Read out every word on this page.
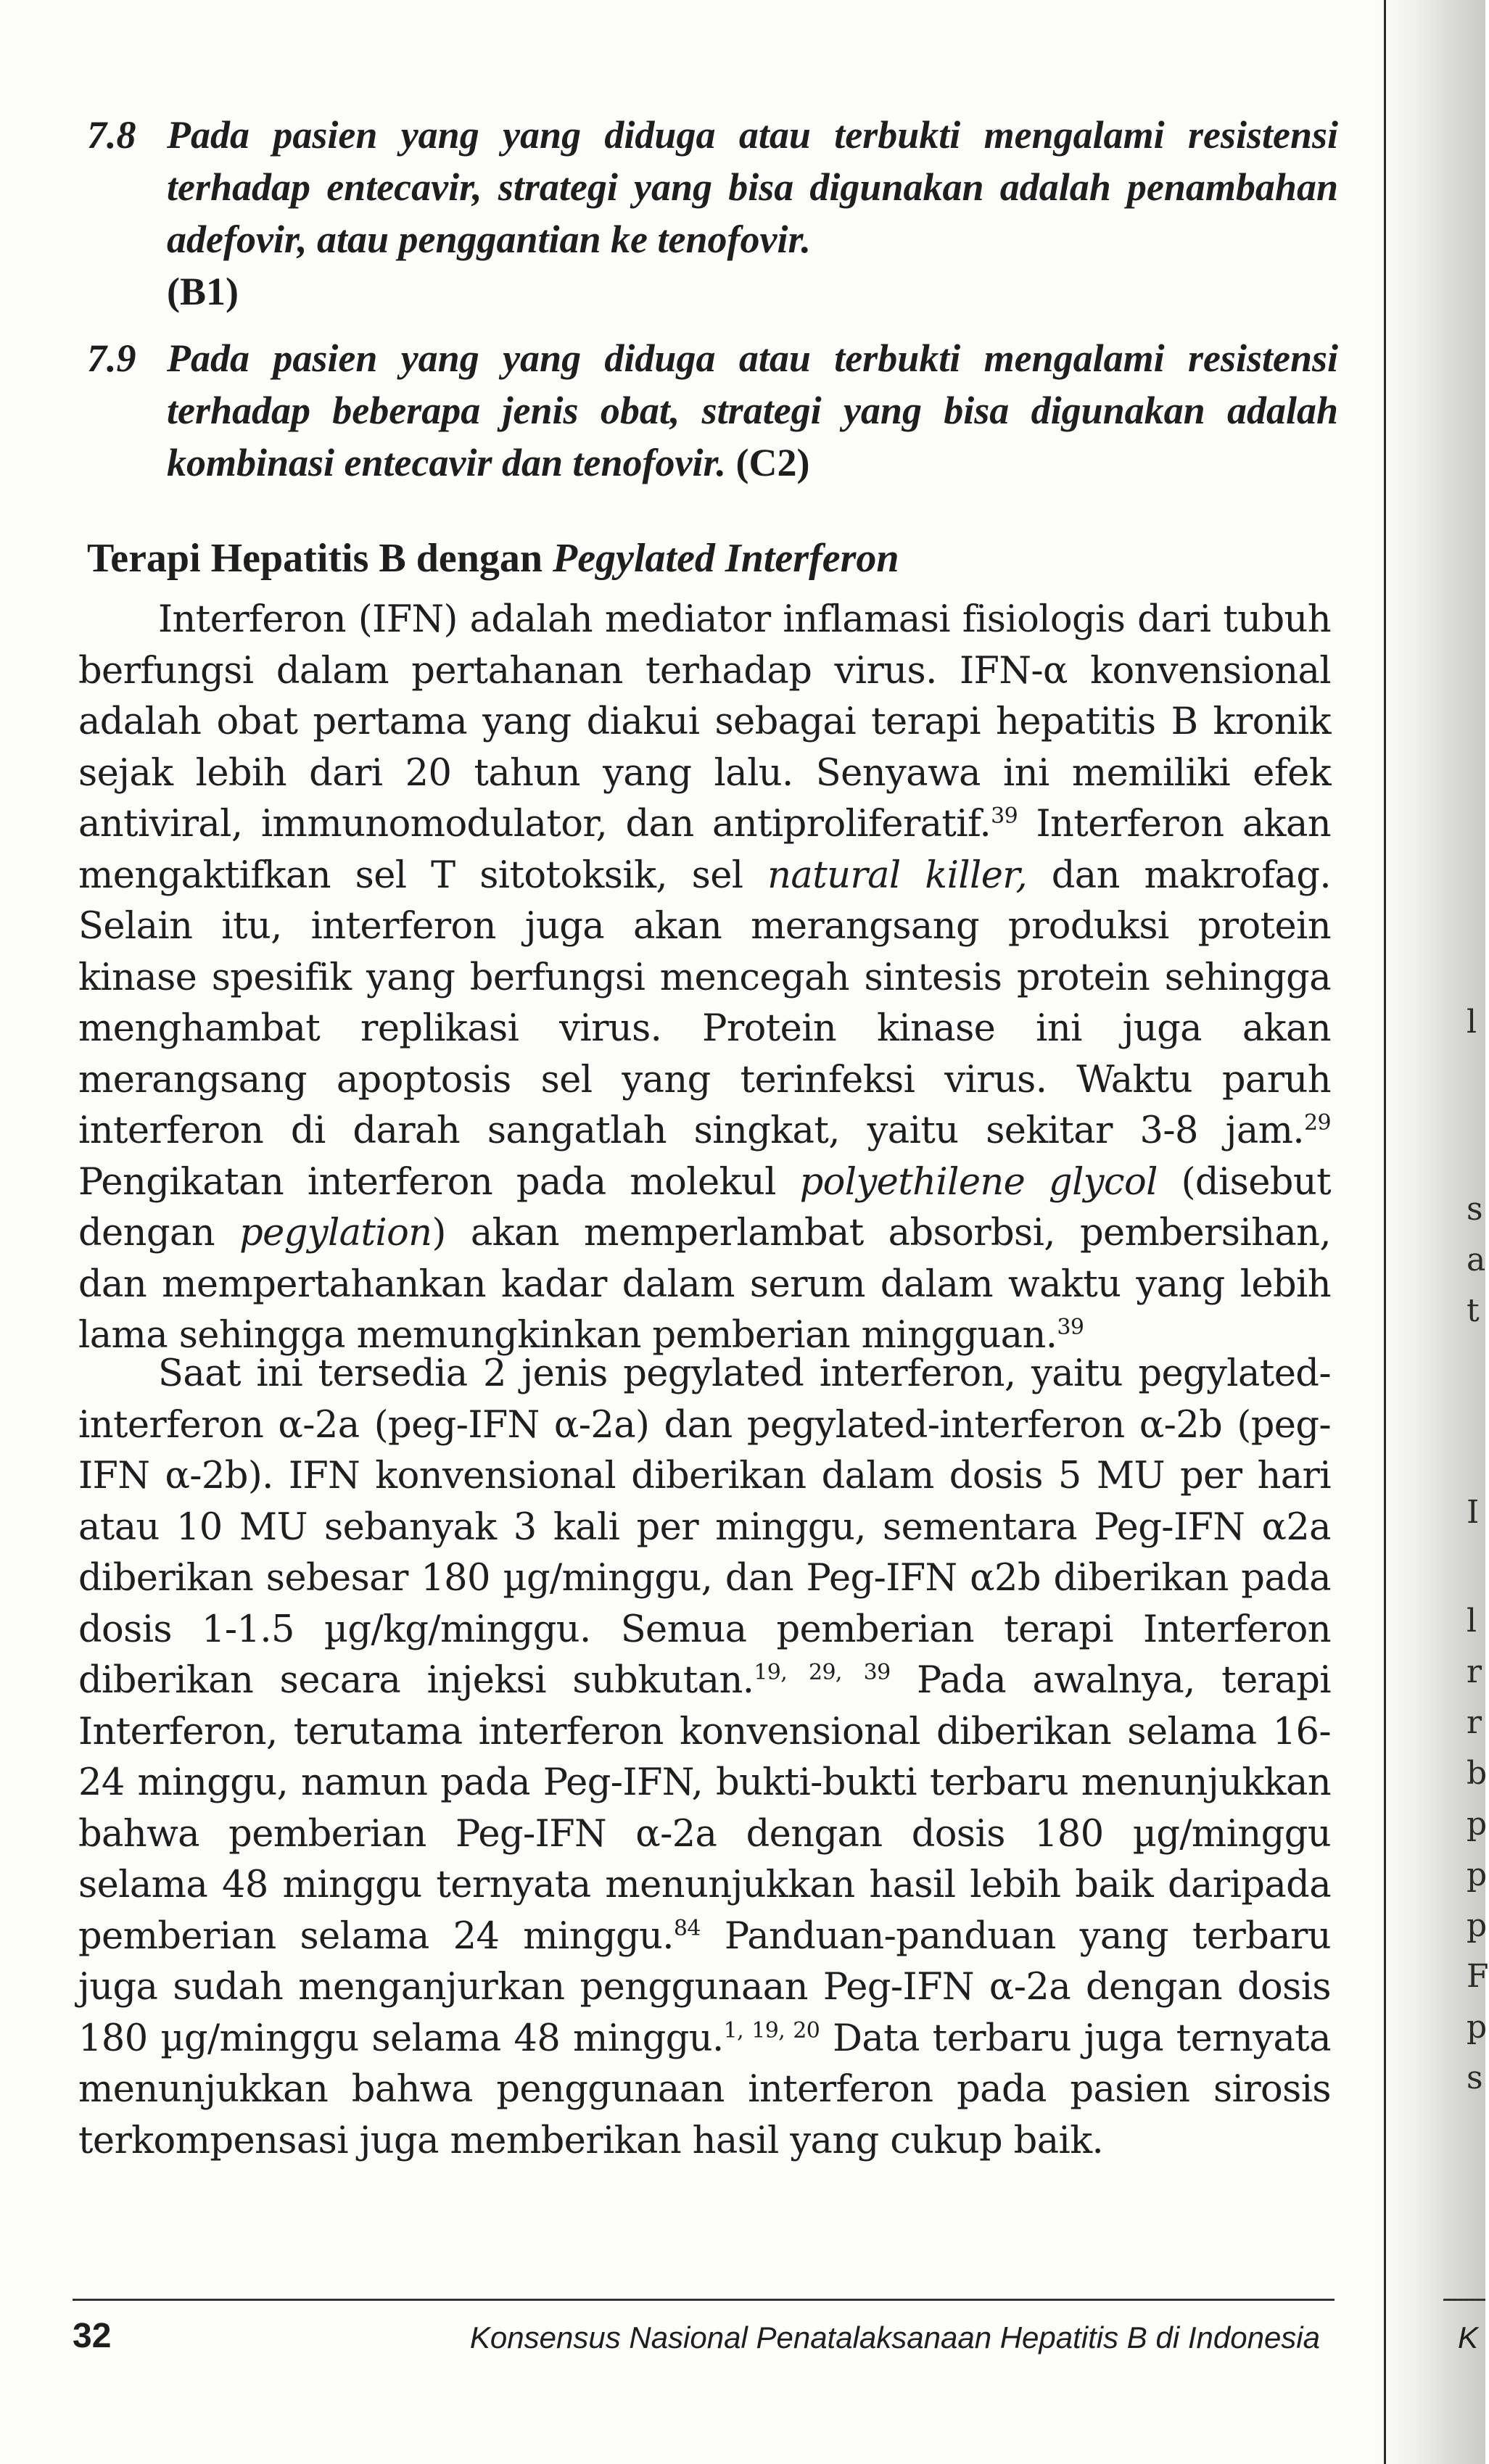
7.8 Pada pasien yang yang diduga atau terbukti mengalami resistensi terhadap entecavir, strategi yang bisa digunakan adalah penambahan adefovir, atau penggantian ke tenofovir.
(B1)
7.9 Pada pasien yang yang diduga atau terbukti mengalami resistensi terhadap beberapa jenis obat, strategi yang bisa digunakan adalah kombinasi entecavir dan tenofovir. (C2)
Terapi Hepatitis B dengan Pegylated Interferon
Interferon (IFN) adalah mediator inflamasi fisiologis dari tubuh berfungsi dalam pertahanan terhadap virus. IFN-α konvensional adalah obat pertama yang diakui sebagai terapi hepatitis B kronik sejak lebih dari 20 tahun yang lalu. Senyawa ini memiliki efek antiviral, immunomodulator, dan antiproliferatif.$^{39}$ Interferon akan mengaktifkan sel T sitotoksik, sel natural killer, dan makrofag. Selain itu, interferon juga akan merangsang produksi protein kinase spesifik yang berfungsi mencegah sintesis protein sehingga menghambat replikasi virus. Protein kinase ini juga akan merangsang apoptosis sel yang terinfeksi virus. Waktu paruh interferon di darah sangatlah singkat, yaitu sekitar 3-8 jam.$^{29}$ Pengikatan interferon pada molekul polyethilene glycol (disebut dengan pegylation) akan memperlambat absorbsi, pembersihan, dan mempertahankan kadar dalam serum dalam waktu yang lebih lama sehingga memungkinkan pemberian mingguan.$^{39}$
Saat ini tersedia 2 jenis pegylated interferon, yaitu pegylated-interferon α-2a (peg-IFN α-2a) dan pegylated-interferon α-2b (peg-IFN α-2b). IFN konvensional diberikan dalam dosis 5 MU per hari atau 10 MU sebanyak 3 kali per minggu, sementara Peg-IFN α2a diberikan sebesar 180 µg/minggu, dan Peg-IFN α2b diberikan pada dosis 1-1.5 µg/kg/minggu. Semua pemberian terapi Interferon diberikan secara injeksi subkutan.$^{19, 29, 39}$ Pada awalnya, terapi Interferon, terutama interferon konvensional diberikan selama 16-24 minggu, namun pada Peg-IFN, bukti-bukti terbaru menunjukkan bahwa pemberian Peg-IFN α-2a dengan dosis 180 µg/minggu selama 48 minggu ternyata menunjukkan hasil lebih baik daripada pemberian selama 24 minggu.$^{84}$ Panduan-panduan yang terbaru juga sudah menganjurkan penggunaan Peg-IFN α-2a dengan dosis 180 µg/minggu selama 48 minggu.$^{1, 19, 20}$ Data terbaru juga ternyata menunjukkan bahwa penggunaan interferon pada pasien sirosis terkompensasi juga memberikan hasil yang cukup baik.
l
s
a
t
I
l
r
r
b
p
p
p
F
p
s
32	Konsensus Nasional Penatalaksanaan Hepatitis B di Indonesia	K
